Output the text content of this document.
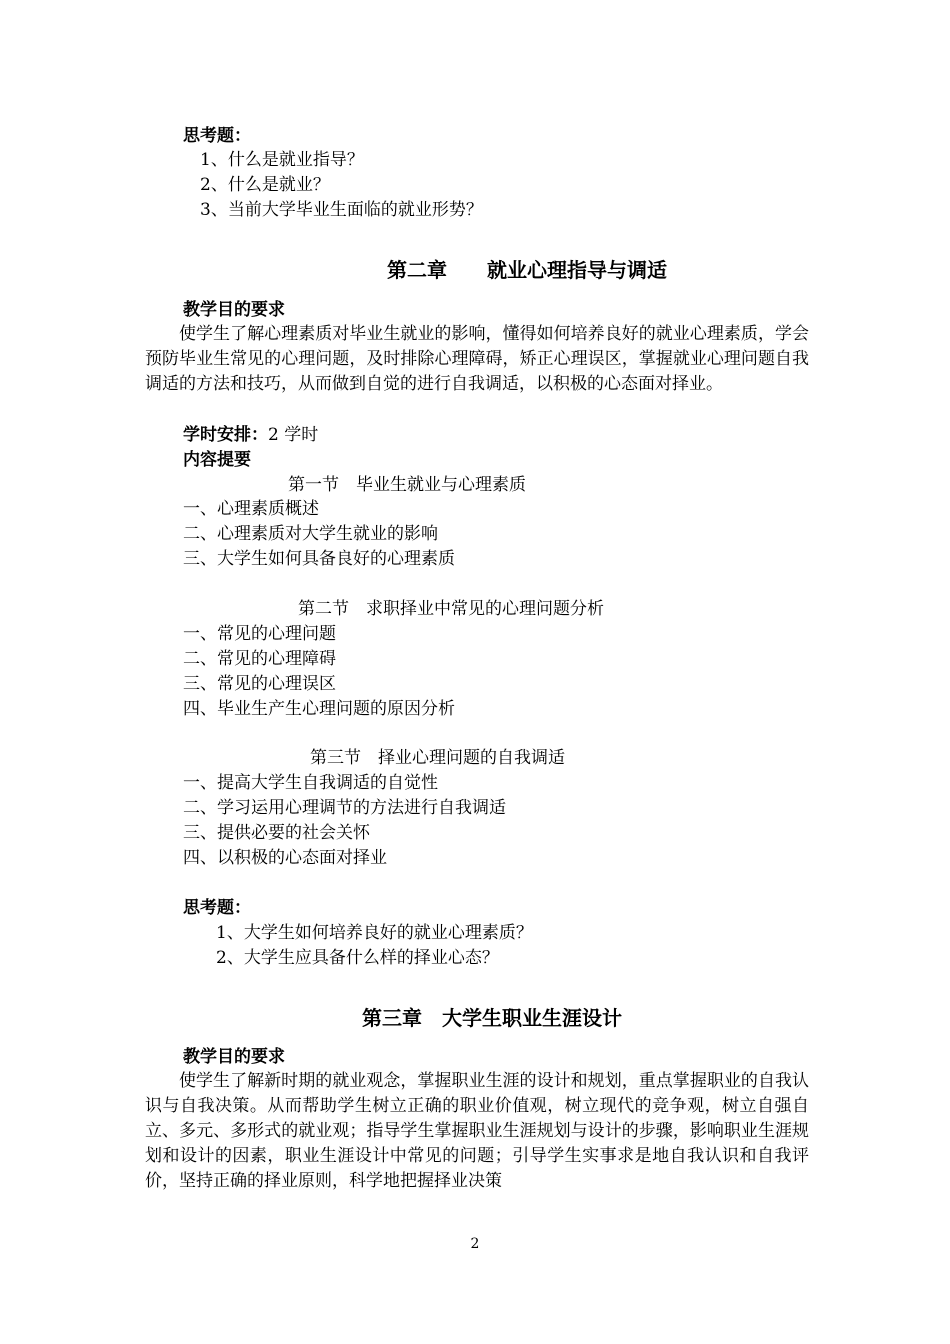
思考题：
1、什么是就业指导？
2、什么是就业？
3、当前大学毕业生面临的就业形势？
第二章　　就业心理指导与调适
教学目的要求
使学生了解心理素质对毕业生就业的影响，懂得如何培养良好的就业心理素质，学会预防毕业生常见的心理问题，及时排除心理障碍，矫正心理误区，掌握就业心理问题自我调适的方法和技巧，从而做到自觉的进行自我调适，以积极的心态面对择业。
学时安排：2 学时
内容提要
第一节　毕业生就业与心理素质
一、心理素质概述
二、心理素质对大学生就业的影响
三、大学生如何具备良好的心理素质
第二节　求职择业中常见的心理问题分析
一、常见的心理问题
二、常见的心理障碍
三、常见的心理误区
四、毕业生产生心理问题的原因分析
第三节　择业心理问题的自我调适
一、提高大学生自我调适的自觉性
二、学习运用心理调节的方法进行自我调适
三、提供必要的社会关怀
四、以积极的心态面对择业
思考题：
1、大学生如何培养良好的就业心理素质？
2、大学生应具备什么样的择业心态？
第三章　大学生职业生涯设计
教学目的要求
使学生了解新时期的就业观念，掌握职业生涯的设计和规划，重点掌握职业的自我认识与自我决策。从而帮助学生树立正确的职业价值观，树立现代的竞争观，树立自强自立、多元、多形式的就业观；指导学生掌握职业生涯规划与设计的步骤，影响职业生涯规划和设计的因素，职业生涯设计中常见的问题；引导学生实事求是地自我认识和自我评价，坚持正确的择业原则，科学地把握择业决策
2
